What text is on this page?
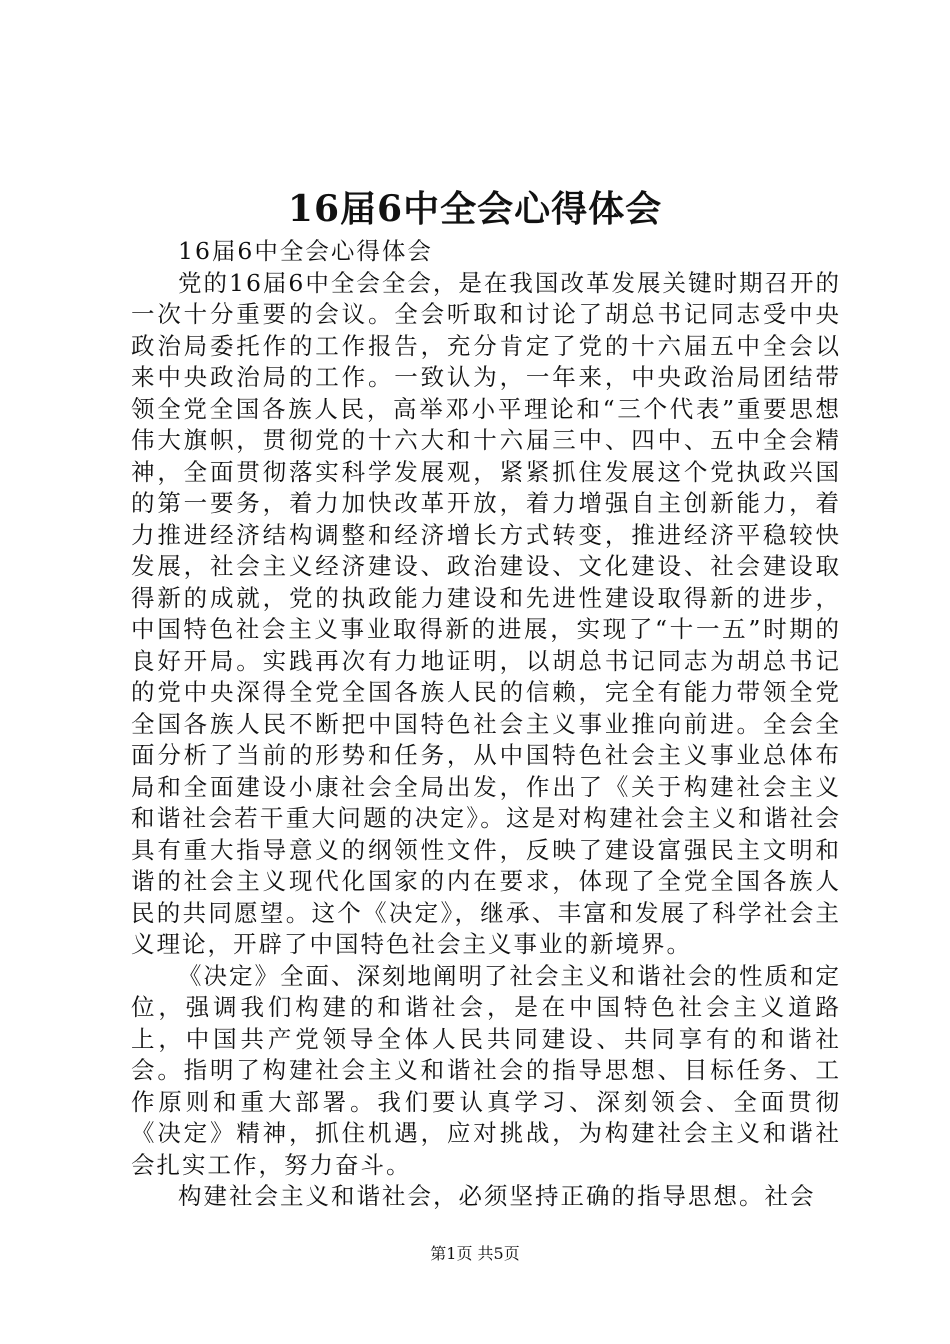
16届6中全会心得体会

16届6中全会心得体会

党的16届6中全会全会，是在我国改革发展关键时期召开的一次十分重要的会议。全会听取和讨论了胡总书记同志受中央政治局委托作的工作报告，充分肯定了党的十六届五中全会以来中央政治局的工作。一致认为，一年来，中央政治局团结带领全党全国各族人民，高举邓小平理论和“三个代表”重要思想伟大旗帜，贯彻党的十六大和十六届三中、四中、五中全会精神，全面贯彻落实科学发展观，紧紧抓住发展这个党执政兴国的第一要务，着力加快改革开放，着力增强自主创新能力，着力推进经济结构调整和经济增长方式转变，推进经济平稳较快发展，社会主义经济建设、政治建设、文化建设、社会建设取得新的成就，党的执政能力建设和先进性建设取得新的进步，中国特色社会主义事业取得新的进展，实现了“十一五”时期的良好开局。实践再次有力地证明，以胡总书记同志为胡总书记的党中央深得全党全国各族人民的信赖，完全有能力带领全党全国各族人民不断把中国特色社会主义事业推向前进。全会全面分析了当前的形势和任务，从中国特色社会主义事业总体布局和全面建设小康社会全局出发，作出了《关于构建社会主义和谐社会若干重大问题的决定》。这是对构建社会主义和谐社会具有重大指导意义的纲领性文件，反映了建设富强民主文明和谐的社会主义现代化国家的内在要求，体现了全党全国各族人民的共同愿望。这个《决定》，继承、丰富和发展了科学社会主义理论，开辟了中国特色社会主义事业的新境界。

《决定》全面、深刻地阐明了社会主义和谐社会的性质和定位，强调我们构建的和谐社会，是在中国特色社会主义道路上，中国共产党领导全体人民共同建设、共同享有的和谐社会。指明了构建社会主义和谐社会的指导思想、目标任务、工作原则和重大部署。我们要认真学习、深刻领会、全面贯彻《决定》精神，抓住机遇，应对挑战，为构建社会主义和谐社会扎实工作，努力奋斗。

构建社会主义和谐社会，必须坚持正确的指导思想。社会

第1页 共5页
